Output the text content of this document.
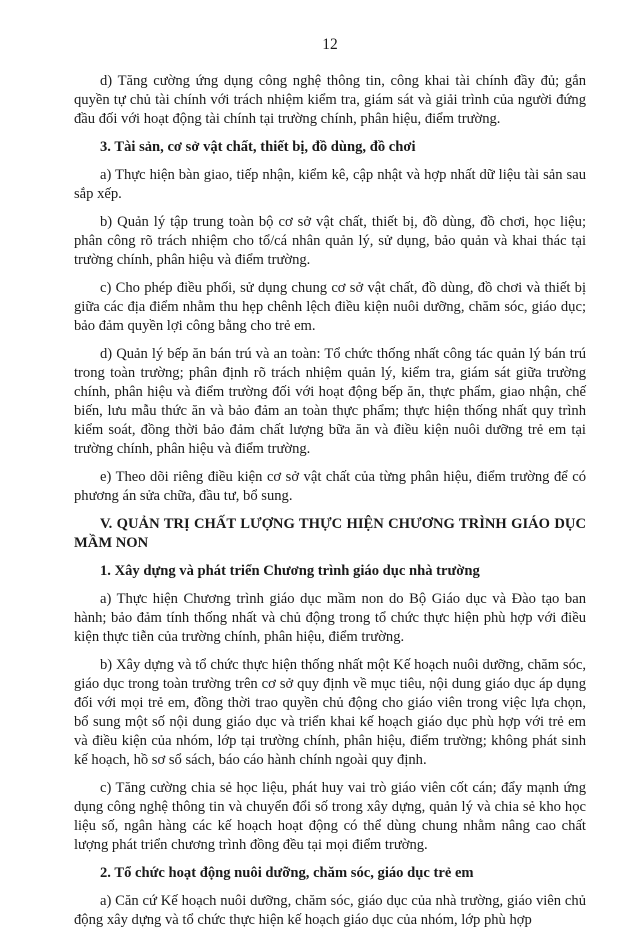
12

d) Tăng cường ứng dụng công nghệ thông tin, công khai tài chính đầy đủ; gắn quyền tự chủ tài chính với trách nhiệm kiểm tra, giám sát và giải trình của người đứng đầu đối với hoạt động tài chính tại trường chính, phân hiệu, điểm trường.

3. Tài sản, cơ sở vật chất, thiết bị, đồ dùng, đồ chơi

a) Thực hiện bàn giao, tiếp nhận, kiểm kê, cập nhật và hợp nhất dữ liệu tài sản sau sắp xếp.

b) Quản lý tập trung toàn bộ cơ sở vật chất, thiết bị, đồ dùng, đồ chơi, học liệu; phân công rõ trách nhiệm cho tổ/cá nhân quản lý, sử dụng, bảo quản và khai thác tại trường chính, phân hiệu và điểm trường.

c) Cho phép điều phối, sử dụng chung cơ sở vật chất, đồ dùng, đồ chơi và thiết bị giữa các địa điểm nhằm thu hẹp chênh lệch điều kiện nuôi dưỡng, chăm sóc, giáo dục; bảo đảm quyền lợi công bằng cho trẻ em.

d) Quản lý bếp ăn bán trú và an toàn: Tổ chức thống nhất công tác quản lý bán trú trong toàn trường; phân định rõ trách nhiệm quản lý, kiểm tra, giám sát giữa trường chính, phân hiệu và điểm trường đối với hoạt động bếp ăn, thực phẩm, giao nhận, chế biến, lưu mẫu thức ăn và bảo đảm an toàn thực phẩm; thực hiện thống nhất quy trình kiểm soát, đồng thời bảo đảm chất lượng bữa ăn và điều kiện nuôi dưỡng trẻ em tại trường chính, phân hiệu và điểm trường.

e) Theo dõi riêng điều kiện cơ sở vật chất của từng phân hiệu, điểm trường để có phương án sửa chữa, đầu tư, bổ sung.

V. QUẢN TRỊ CHẤT LƯỢNG THỰC HIỆN CHƯƠNG TRÌNH GIÁO DỤC MẦM NON

1. Xây dựng và phát triển Chương trình giáo dục nhà trường

a) Thực hiện Chương trình giáo dục mầm non do Bộ Giáo dục và Đào tạo ban hành; bảo đảm tính thống nhất và chủ động trong tổ chức thực hiện phù hợp với điều kiện thực tiễn của trường chính, phân hiệu, điểm trường.

b) Xây dựng và tổ chức thực hiện thống nhất một Kế hoạch nuôi dưỡng, chăm sóc, giáo dục trong toàn trường trên cơ sở quy định về mục tiêu, nội dung giáo dục áp dụng đối với mọi trẻ em, đồng thời trao quyền chủ động cho giáo viên trong việc lựa chọn, bổ sung một số nội dung giáo dục và triển khai kế hoạch giáo dục phù hợp với trẻ em và điều kiện của nhóm, lớp tại trường chính, phân hiệu, điểm trường; không phát sinh kế hoạch, hồ sơ sổ sách, báo cáo hành chính ngoài quy định.

c) Tăng cường chia sẻ học liệu, phát huy vai trò giáo viên cốt cán; đẩy mạnh ứng dụng công nghệ thông tin và chuyển đổi số trong xây dựng, quản lý và chia sẻ kho học liệu số, ngân hàng các kế hoạch hoạt động có thể dùng chung nhằm nâng cao chất lượng phát triển chương trình đồng đều tại mọi điểm trường.

2. Tổ chức hoạt động nuôi dưỡng, chăm sóc, giáo dục trẻ em

a) Căn cứ Kế hoạch nuôi dưỡng, chăm sóc, giáo dục của nhà trường, giáo viên chủ động xây dựng và tổ chức thực hiện kế hoạch giáo dục của nhóm, lớp phù hợp
